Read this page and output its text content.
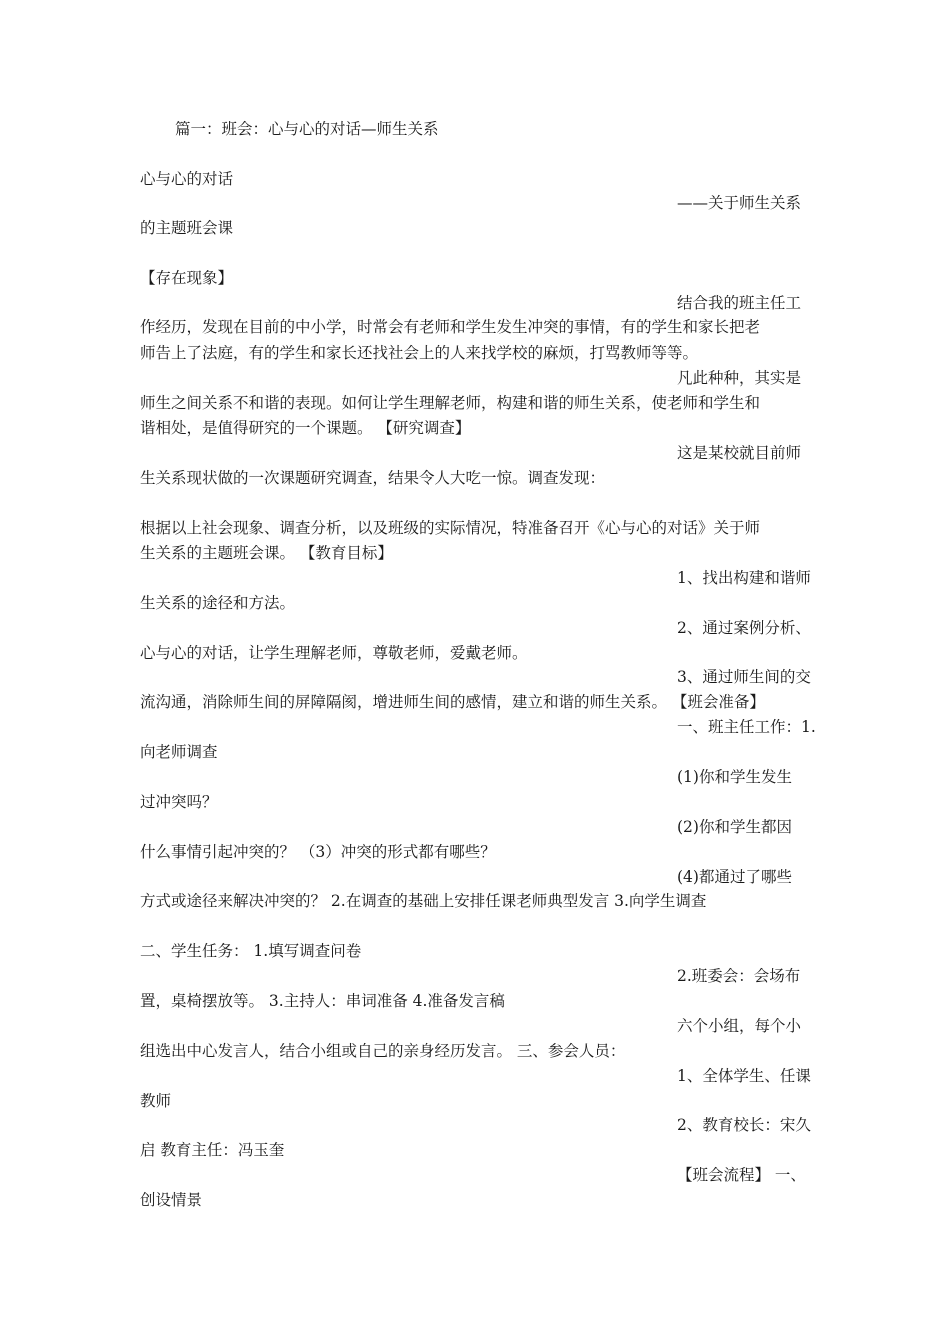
篇一：班会：心与心的对话—师生关系
心与心的对话
——关于师生关系
的主题班会课
【存在现象】
结合我的班主任工
作经历，发现在目前的中小学，时常会有老师和学生发生冲突的事情，有的学生和家长把老
师告上了法庭，有的学生和家长还找社会上的人来找学校的麻烦，打骂教师等等。
凡此种种，其实是
师生之间关系不和谐的表现。如何让学生理解老师，构建和谐的师生关系，使老师和学生和
谐相处，是值得研究的一个课题。 【研究调查】
这是某校就目前师
生关系现状做的一次课题研究调查，结果令人大吃一惊。调查发现：
根据以上社会现象、调查分析，以及班级的实际情况，特准备召开《心与心的对话》关于师
生关系的主题班会课。 【教育目标】
1、找出构建和谐师
生关系的途径和方法。
2、通过案例分析、
心与心的对话，让学生理解老师，尊敬老师，爱戴老师。
3、通过师生间的交
流沟通，消除师生间的屏障隔阂，增进师生间的感情，建立和谐的师生关系。 【班会准备】
一、班主任工作：1.
向老师调查
(1)你和学生发生
过冲突吗？
(2)你和学生都因
什么事情引起冲突的？ （3）冲突的形式都有哪些？
(4)都通过了哪些
方式或途径来解决冲突的？ 2.在调查的基础上安排任课老师典型发言 3.向学生调查
二、学生任务： 1.填写调查问卷
2.班委会：会场布
置，桌椅摆放等。 3.主持人：串词准备 4.准备发言稿
六个小组，每个小
组选出中心发言人，结合小组或自己的亲身经历发言。 三、参会人员：
1、全体学生、任课
教师
2、教育校长：宋久
启 教育主任：冯玉奎
【班会流程】 一、
创设情景
